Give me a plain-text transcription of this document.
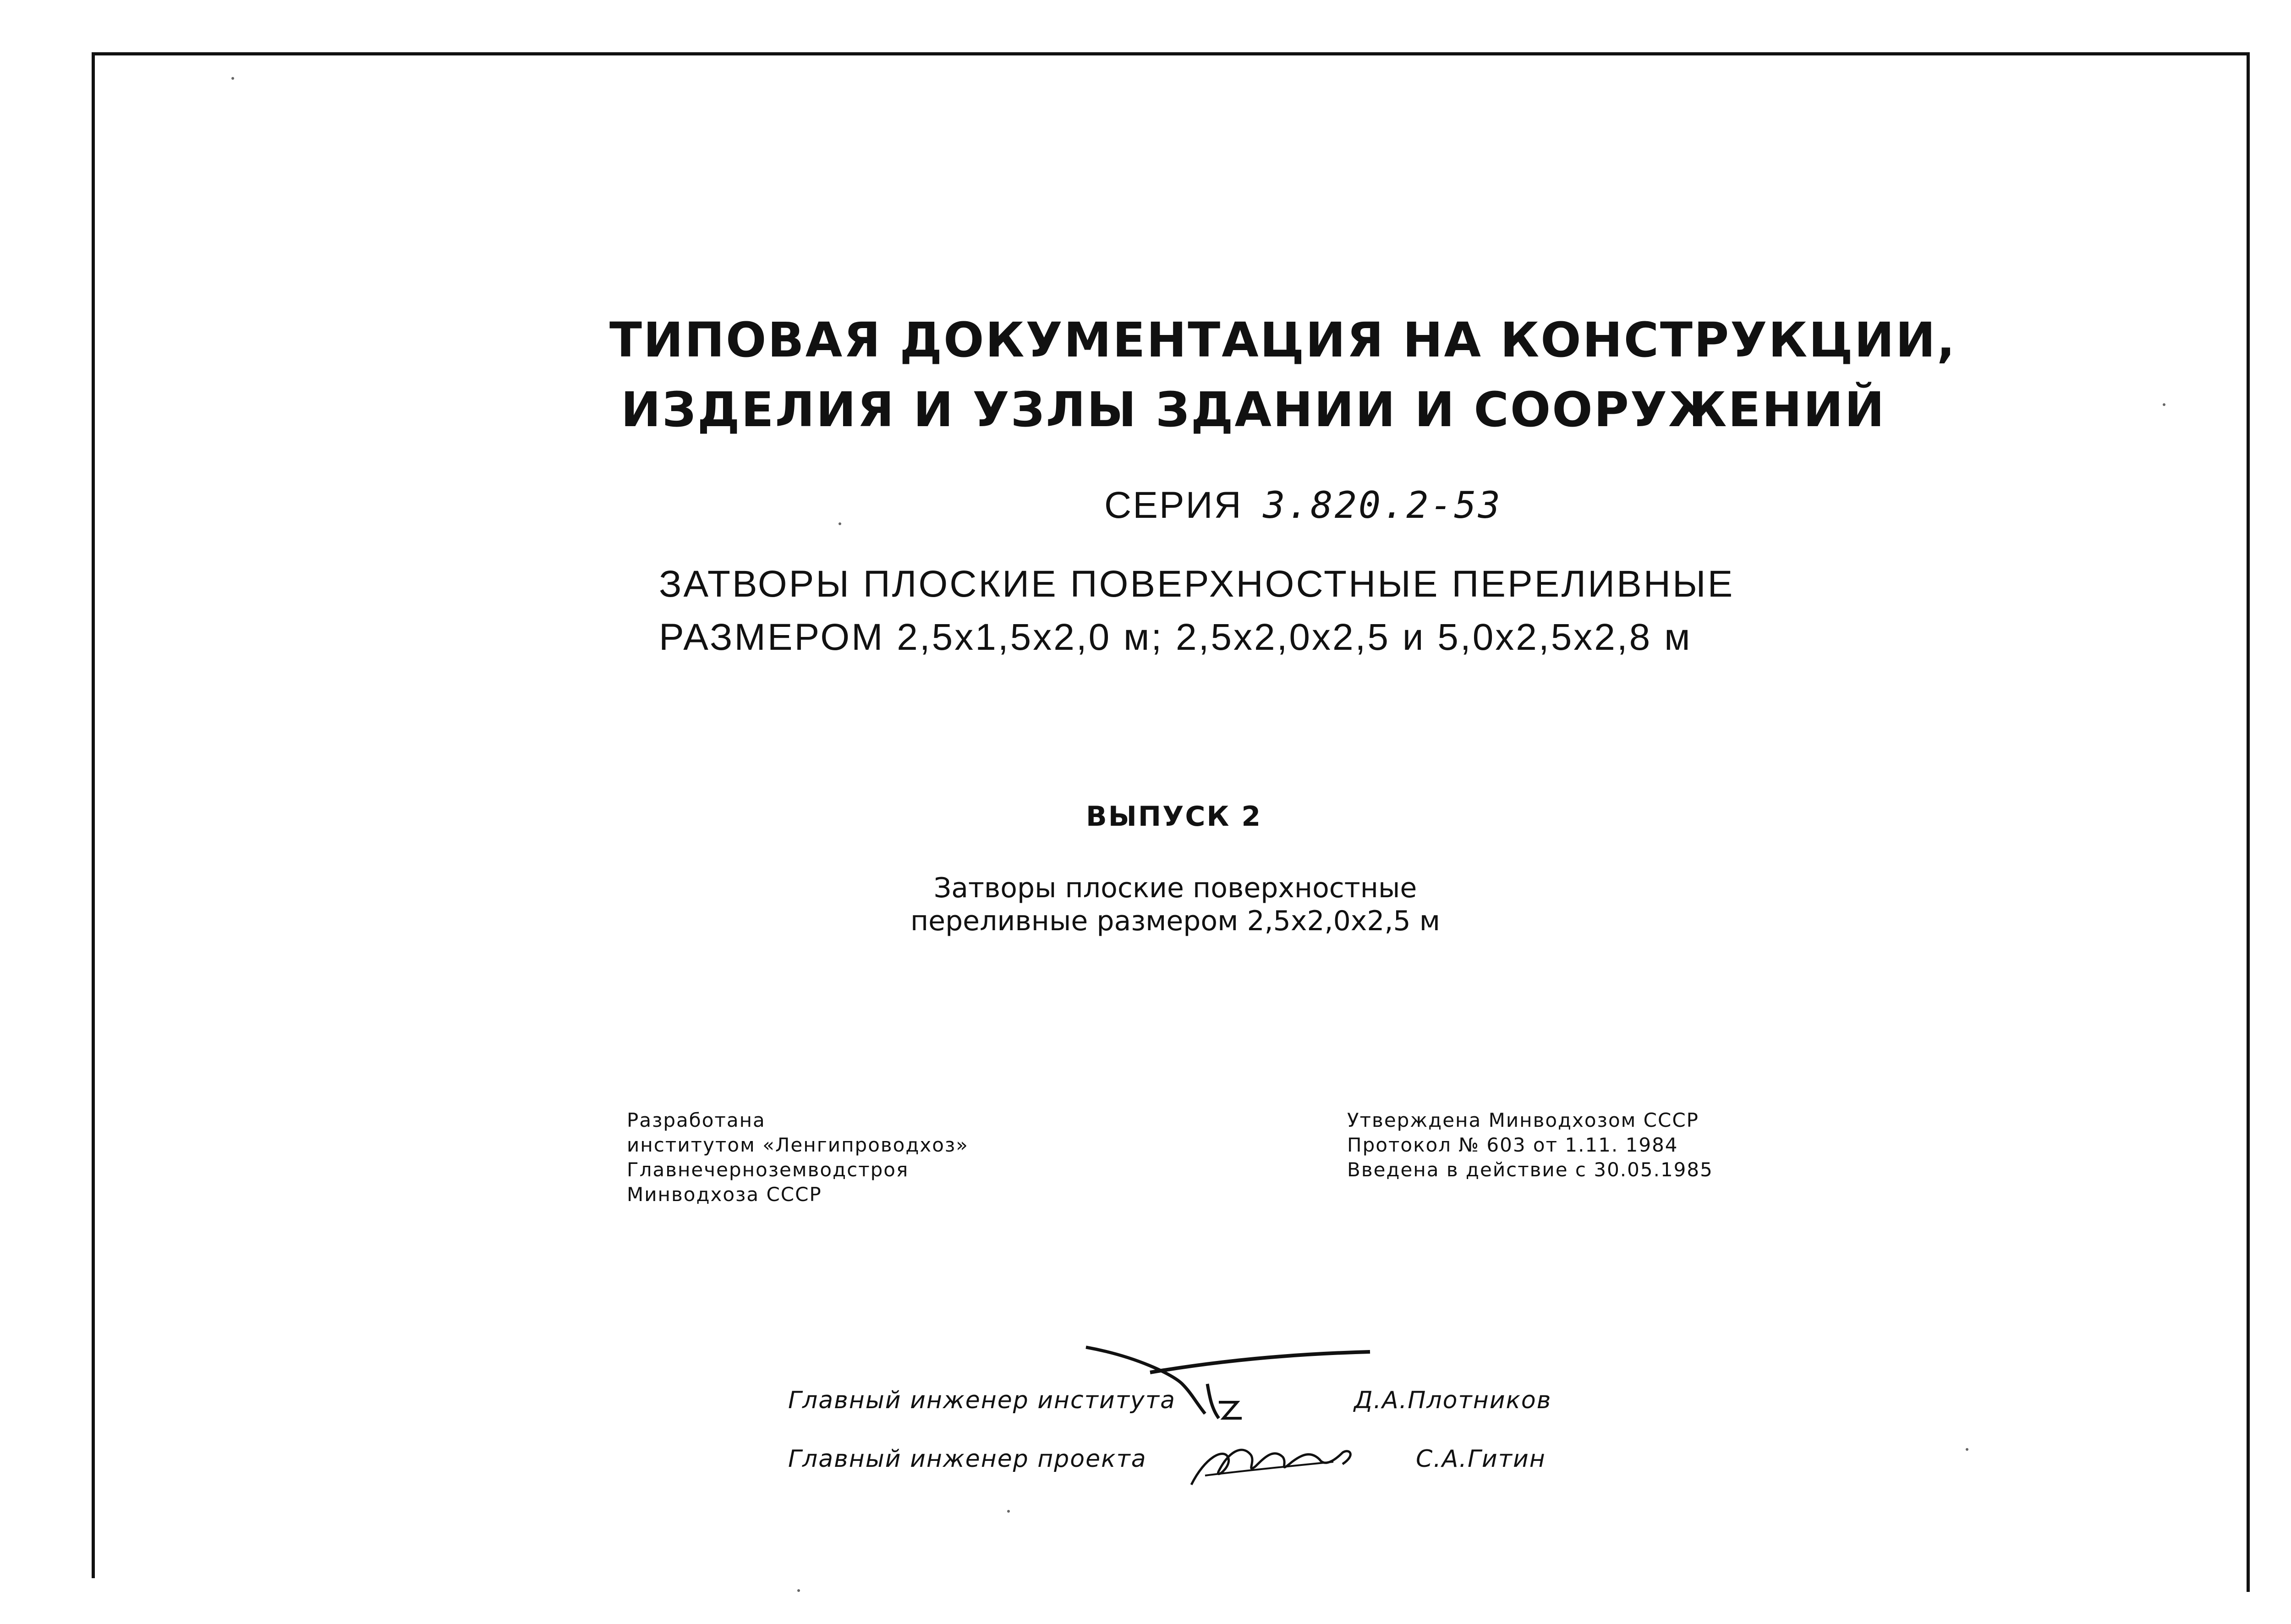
ТИПОВАЯ ДОКУМЕНТАЦИЯ НА КОНСТРУКЦИИ,
ИЗДЕЛИЯ И УЗЛЫ ЗДАНИИ И СООРУЖЕНИЙ
СЕРИЯ 3.820.2-53
ЗАТВОРЫ ПЛОСКИЕ ПОВЕРХНОСТНЫЕ ПЕРЕЛИВНЫЕ
РАЗМЕРОМ 2,5х1,5х2,0 м; 2,5х2,0х2,5 и 5,0х2,5х2,8 м
ВЫПУСК 2
Затворы плоские поверхностные
переливные размером 2,5х2,0х2,5 м
Разработана
институтом «Ленгипроводхоз»
Главнечерноземводстроя
Минводхоза СССР
Утверждена Минводхозом СССР
Протокол № 603 от 1.11. 1984
Введена в действие с 30.05.1985
Главный инженер института	Д.А.Плотников
Главный инженер проекта	С.А.Гитин
